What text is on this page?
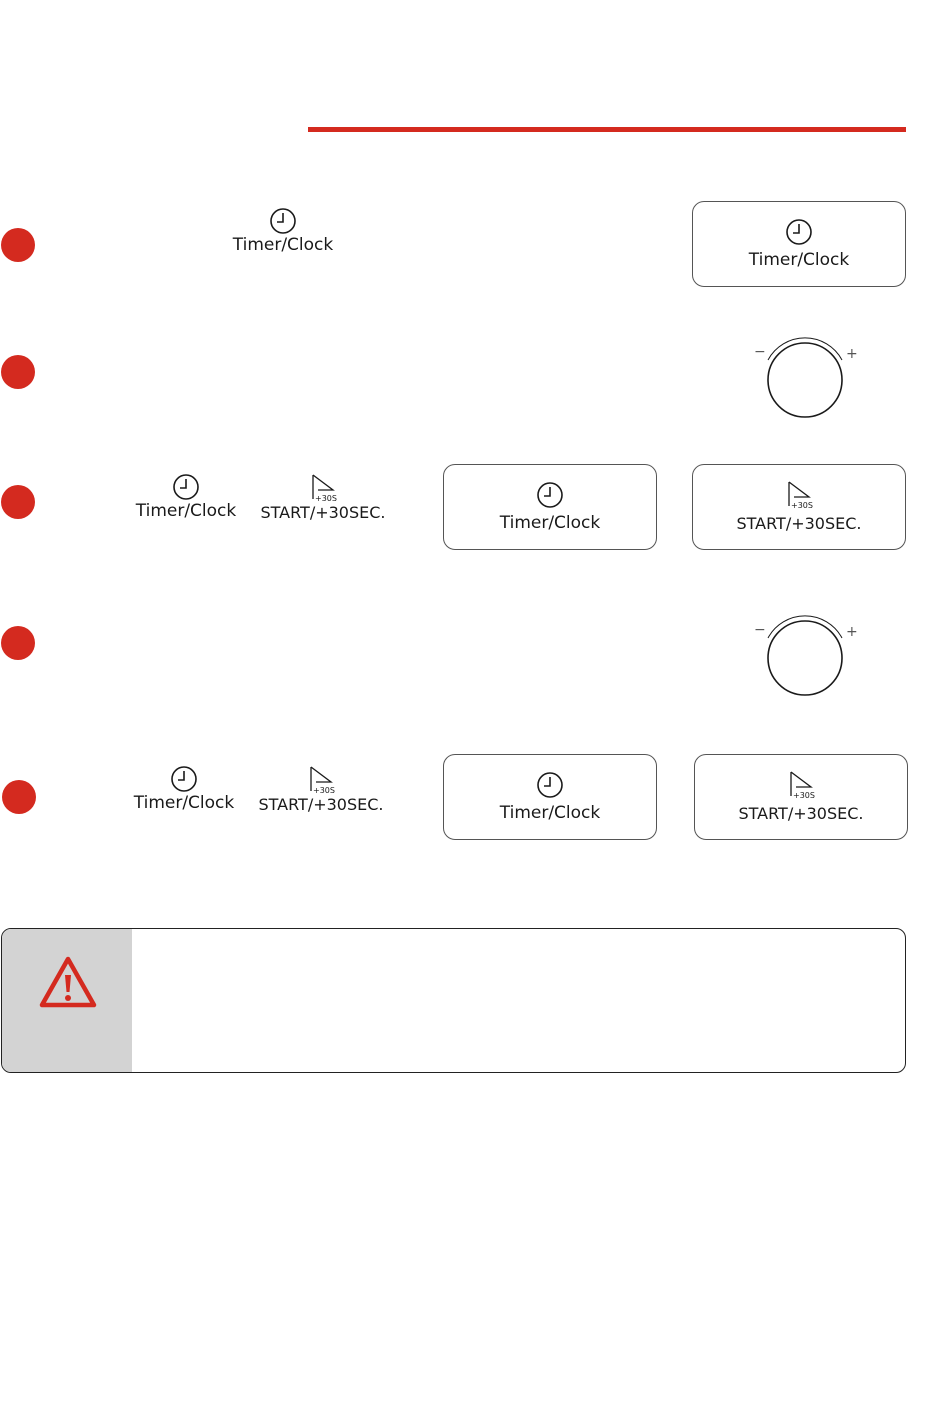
Timer/Clock
Timer/Clock
−	+
Timer/Clock
+30S
START/+30SEC.
Timer/Clock
+30S
START/+30SEC.
−	+
Timer/Clock
+30S
START/+30SEC.	Timer/Clock
+30S
START/+30SEC.
